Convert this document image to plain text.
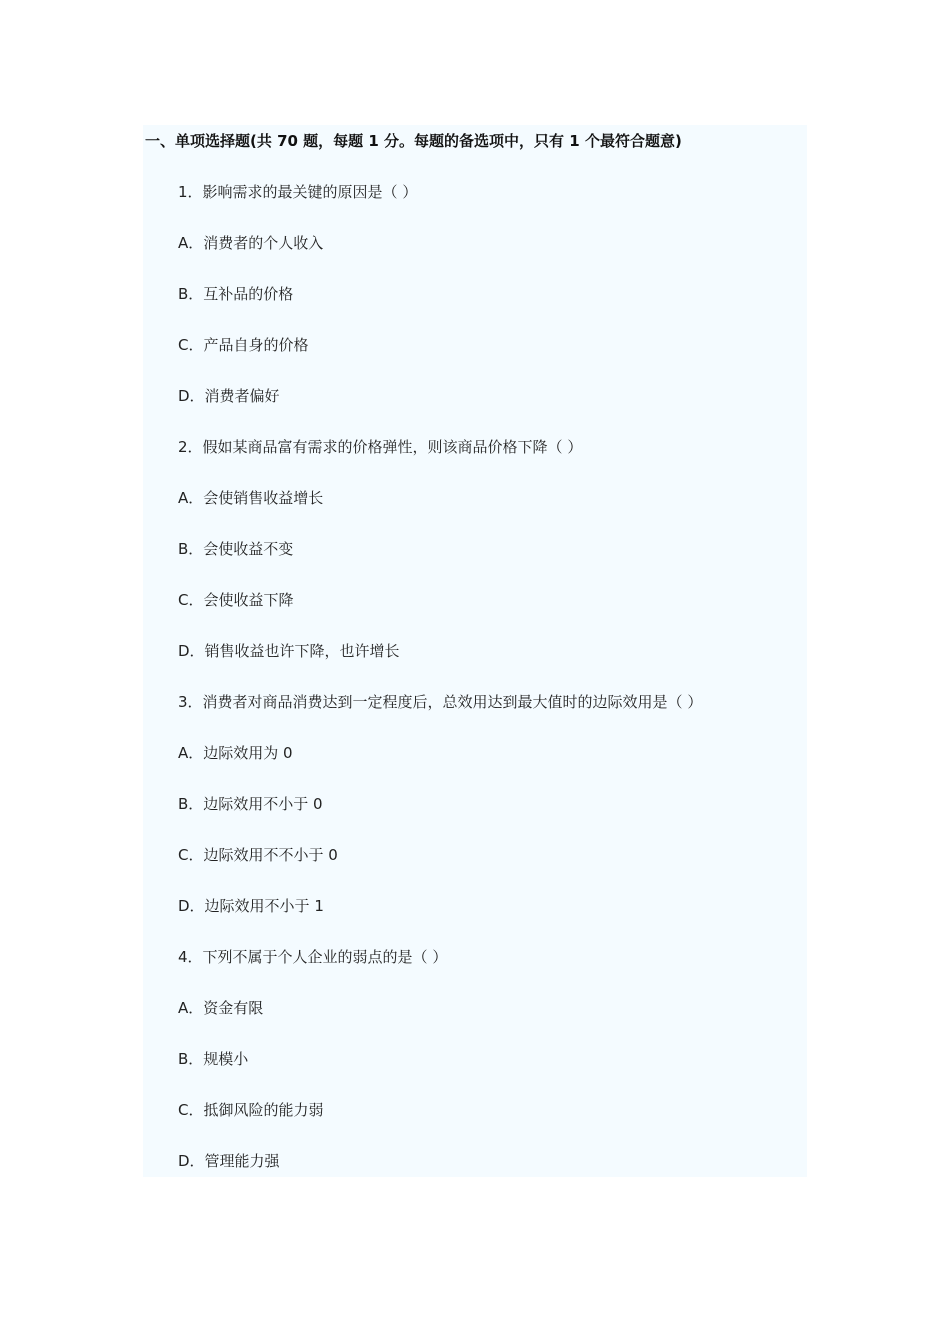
一、单项选择题(共 70 题，每题 1 分。每题的备选项中，只有 1 个最符合题意)
1．影响需求的最关键的原因是（ ）
A．消费者的个人收入
B．互补品的价格
C．产品自身的价格
D．消费者偏好
2．假如某商品富有需求的价格弹性，则该商品价格下降（ ）
A．会使销售收益增长
B．会使收益不变
C．会使收益下降
D．销售收益也许下降，也许增长
3．消费者对商品消费达到一定程度后，总效用达到最大值时的边际效用是（ ）
A．边际效用为 0
B．边际效用不小于 0
C．边际效用不不小于 0
D．边际效用不小于 1
4．下列不属于个人企业的弱点的是（ ）
A．资金有限
B．规模小
C．抵御风险的能力弱
D．管理能力强
